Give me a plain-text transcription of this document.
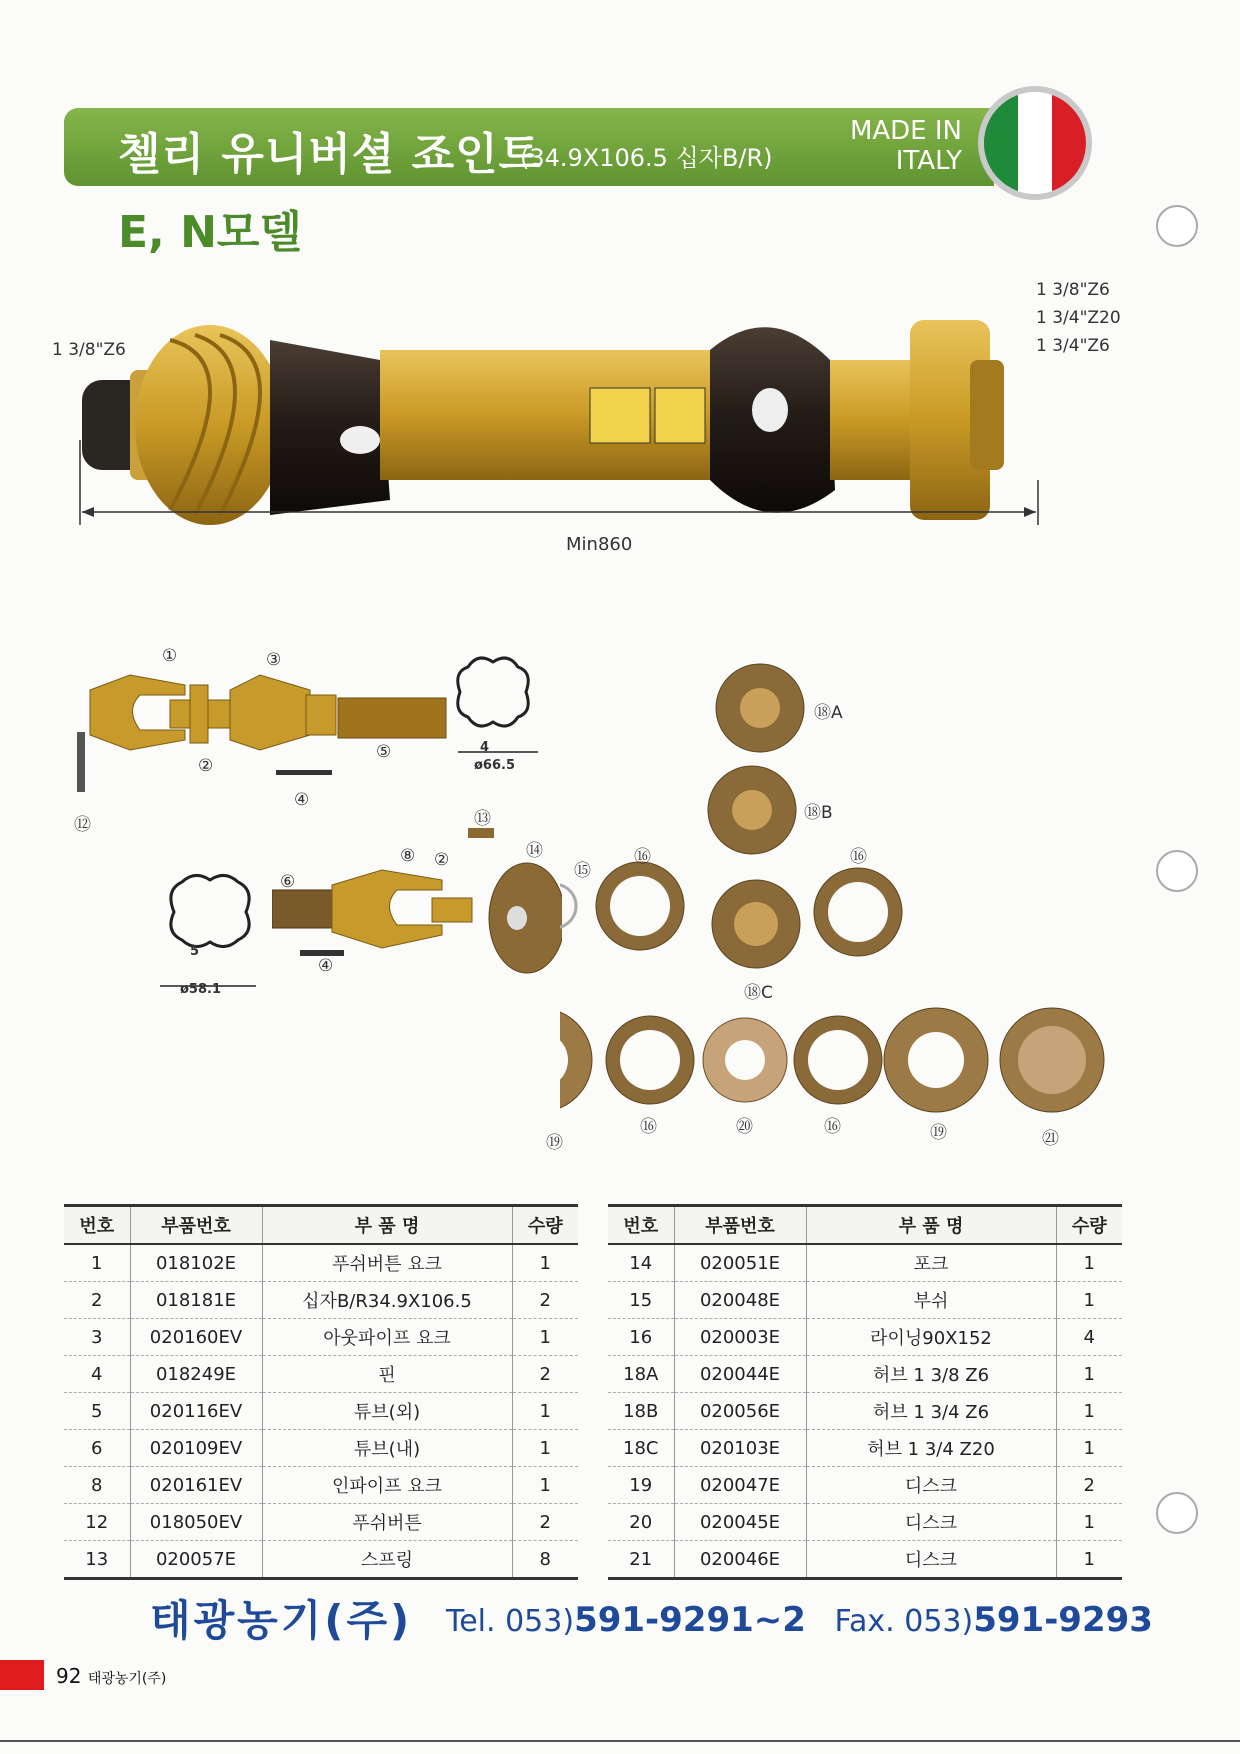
첼리 유니버셜 죠인트
(34.9X106.5 십자B/R)
MADE IN
ITALY
E, N모델
1 3/8"Z6
1 3/8"Z6
1 3/4"Z20
1 3/4"Z6
Min860
4
ø66.5
5
ø58.1
①	③
②
④
⑤
⑫	⑬
⑭
⑧ ②
⑥
④
⑮
⑯	⑯
⑱A
⑱B
⑱C
⑲
⑯	⑳	⑯	⑲	㉑
번호	부품번호	부 품 명	수량
1	018102E	푸쉬버튼 요크	1
2	018181E	십자B/R34.9X106.5	2
3	020160EV	아웃파이프 요크	1
4	018249E	핀	2
5	020116EV	튜브(외)	1
6	020109EV	튜브(내)	1
8	020161EV	인파이프 요크	1
12	018050EV	푸쉬버튼	2
13	020057E	스프링	8
번호	부품번호	부 품 명	수량
14	020051E	포크	1
15	020048E	부쉬	1
16	020003E	라이닝90X152	4
18A	020044E	허브 1 3/8 Z6	1
18B	020056E	허브 1 3/4 Z6	1
18C	020103E	허브 1 3/4 Z20	1
19	020047E	디스크	2
20	020045E	디스크	1
21	020046E	디스크	1
태광농기(주) Tel. 053)591-9291~2 Fax. 053)591-9293
92 태광농기(주)
